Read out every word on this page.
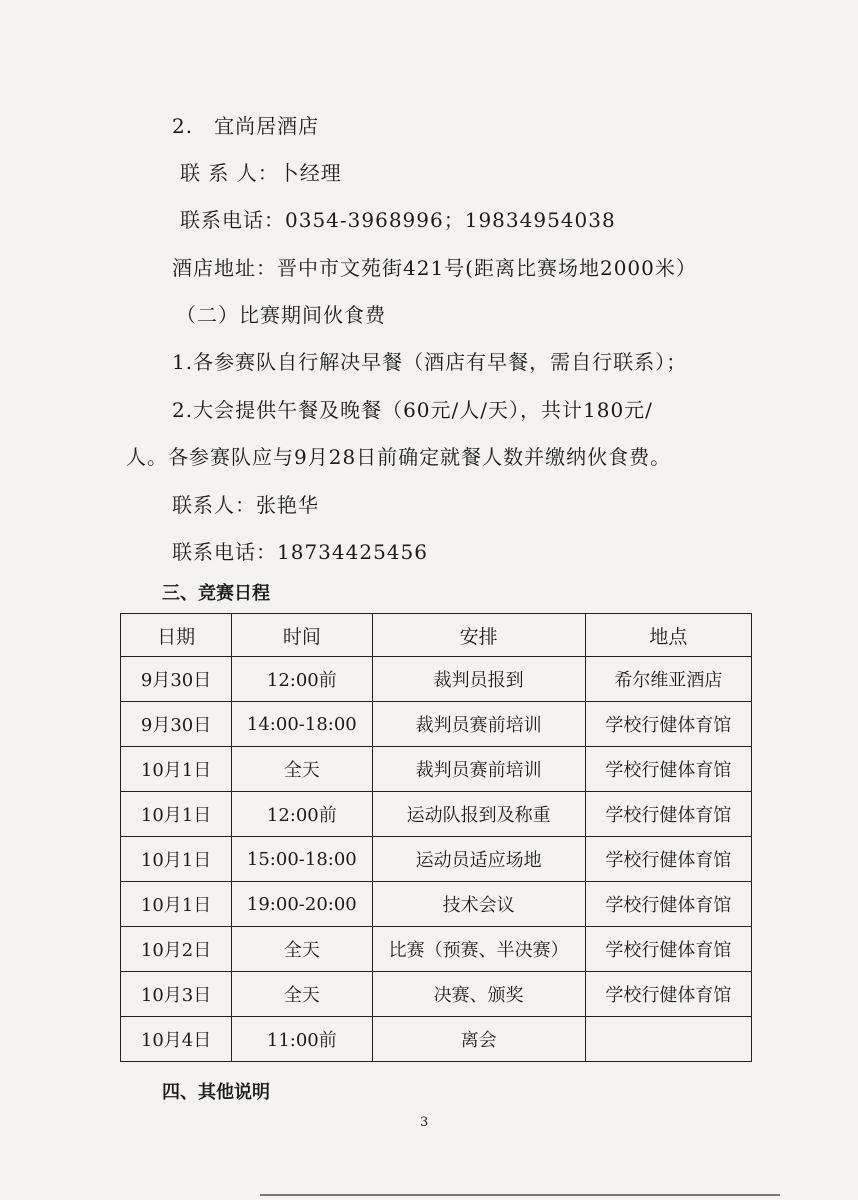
2.　宜尚居酒店
联 系 人：卜经理
联系电话：0354-3968996；19834954038
酒店地址：晋中市文苑街421号(距离比赛场地2000米）
（二）比赛期间伙食费
1.各参赛队自行解决早餐（酒店有早餐，需自行联系）；
2.大会提供午餐及晚餐（60元/人/天），共计180元/
人。各参赛队应与9月28日前确定就餐人数并缴纳伙食费。
联系人：张艳华
联系电话：18734425456
三、竞赛日程
日期	时间	安排	地点
9月30日	12:00前	裁判员报到	希尔维亚酒店
9月30日	14:00-18:00	裁判员赛前培训	学校行健体育馆
10月1日	全天	裁判员赛前培训	学校行健体育馆
10月1日	12:00前	运动队报到及称重	学校行健体育馆
10月1日	15:00-18:00	运动员适应场地	学校行健体育馆
10月1日	19:00-20:00	技术会议	学校行健体育馆
10月2日	全天	比赛（预赛、半决赛）	学校行健体育馆
10月3日	全天	决赛、颁奖	学校行健体育馆
10月4日	11:00前	离会	
四、其他说明
3
